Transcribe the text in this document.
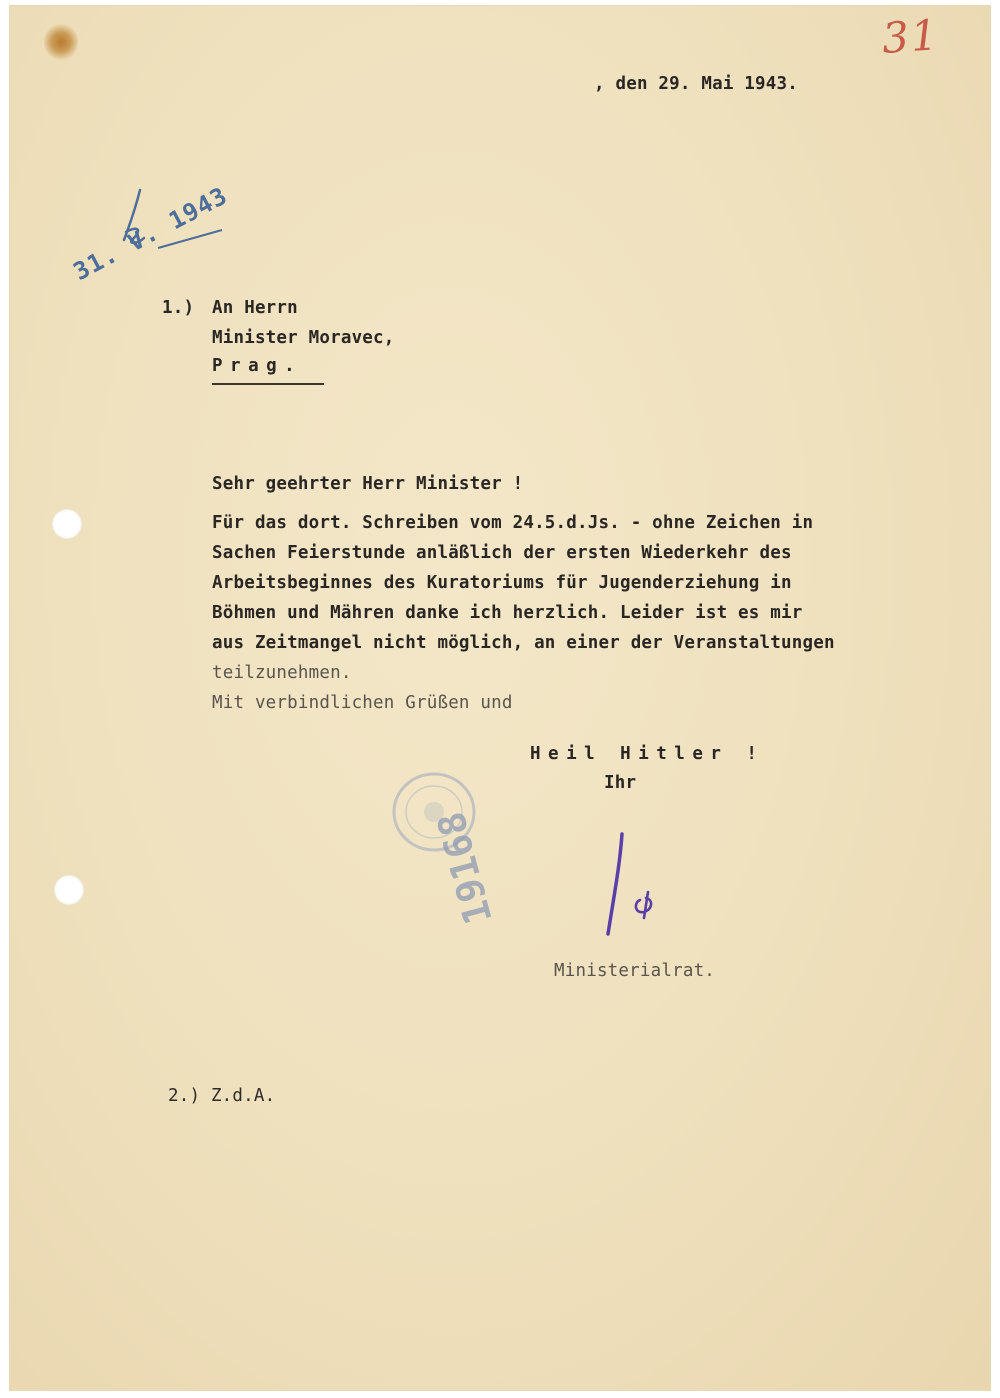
31

, den 29. Mai 1943.

31. V. 1943

1.) An Herrn

Minister Moravec,

Prag.

Sehr geehrter Herr Minister !

Für das dort. Schreiben vom 24.5.d.Js. - ohne Zeichen in

Sachen Feierstunde anläßlich der ersten Wiederkehr des

Arbeitsbeginnes des Kuratoriums für Jugenderziehung in

Böhmen und Mähren danke ich herzlich. Leider ist es mir

aus Zeitmangel nicht möglich, an einer der Veranstaltungen

teilzunehmen.

Mit verbindlichen Grüßen und

Heil Hitler !

Ihr

19168

Ministerialrat.

2.) Z.d.A.
